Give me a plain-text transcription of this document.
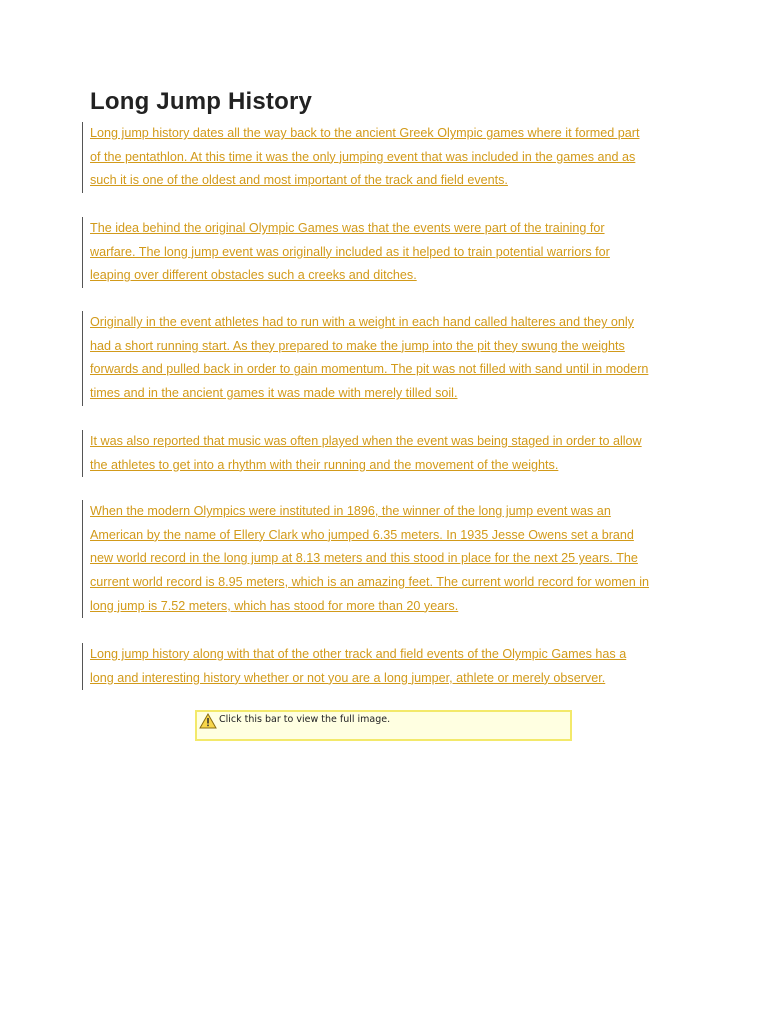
Long Jump History
Long jump history dates all the way back to the ancient Greek Olympic games where it formed part
of the pentathlon. At this time it was the only jumping event that was included in the games and as
such it is one of the oldest and most important of the track and field events.
The idea behind the original Olympic Games was that the events were part of the training for
warfare. The long jump event was originally included as it helped to train potential warriors for
leaping over different obstacles such a creeks and ditches.
Originally in the event athletes had to run with a weight in each hand called halteres and they only
had a short running start. As they prepared to make the jump into the pit they swung the weights
forwards and pulled back in order to gain momentum. The pit was not filled with sand until in modern
times and in the ancient games it was made with merely tilled soil.
It was also reported that music was often played when the event was being staged in order to allow
the athletes to get into a rhythm with their running and the movement of the weights.
When the modern Olympics were instituted in 1896, the winner of the long jump event was an
American by the name of Ellery Clark who jumped 6.35 meters. In 1935 Jesse Owens set a brand
new world record in the long jump at 8.13 meters and this stood in place for the next 25 years. The
current world record is 8.95 meters, which is an amazing feet. The current world record for women in
long jump is 7.52 meters, which has stood for more than 20 years.
Long jump history along with that of the other track and field events of the Olympic Games has a
long and interesting history whether or not you are a long jumper, athlete or merely observer.
Click this bar to view the full image.
